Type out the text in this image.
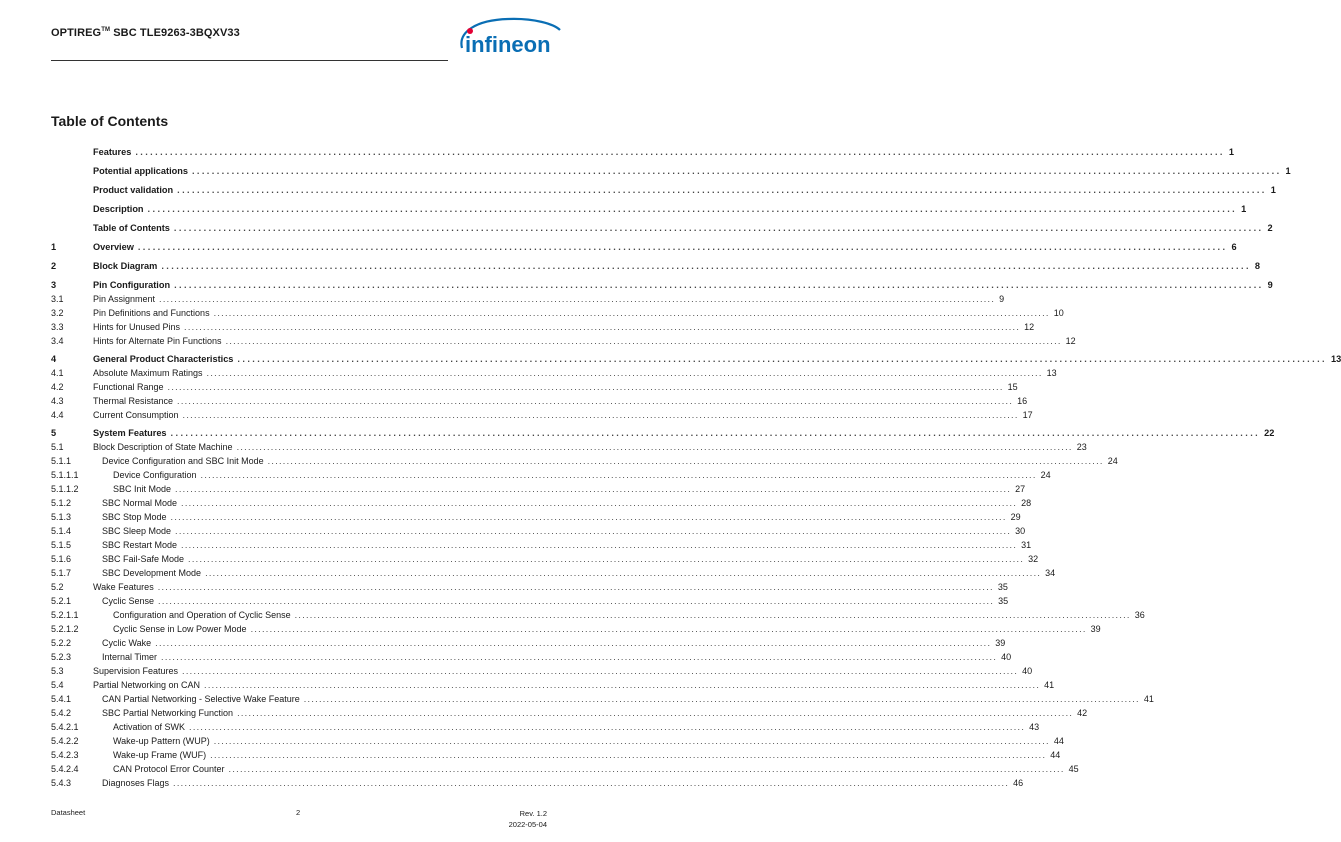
OPTIREG™ SBC TLE9263-3BQXV33	infineon
Table of Contents
Features ............................................................................................................................................................................................................................ 1
Potential applications ............................................................................................................................................................................................................................ 1
Product validation ............................................................................................................................................................................................................................ 1
Description ............................................................................................................................................................................................................................ 1
Table of Contents ............................................................................................................................................................................................................................ 2
1	Overview ............................................................................................................................................................................................................................ 6
2	Block Diagram ............................................................................................................................................................................................................................ 8
3	Pin Configuration ............................................................................................................................................................................................................................ 9
3.1	Pin Assignment ............................................................................................................................................................................................................................ 9
3.2	Pin Definitions and Functions ............................................................................................................................................................................................................................ 10
3.3	Hints for Unused Pins ............................................................................................................................................................................................................................ 12
3.4	Hints for Alternate Pin Functions ............................................................................................................................................................................................................................ 12
4	General Product Characteristics ............................................................................................................................................................................................................................ 13
4.1	Absolute Maximum Ratings ............................................................................................................................................................................................................................ 13
4.2	Functional Range ............................................................................................................................................................................................................................ 15
4.3	Thermal Resistance ............................................................................................................................................................................................................................ 16
4.4	Current Consumption ............................................................................................................................................................................................................................ 17
5	System Features ............................................................................................................................................................................................................................ 22
5.1	Block Description of State Machine ............................................................................................................................................................................................................................ 23
5.1.1	Device Configuration and SBC Init Mode ............................................................................................................................................................................................................................ 24
5.1.1.1	Device Configuration ............................................................................................................................................................................................................................ 24
5.1.1.2	SBC Init Mode ............................................................................................................................................................................................................................ 27
5.1.2	SBC Normal Mode ............................................................................................................................................................................................................................ 28
5.1.3	SBC Stop Mode ............................................................................................................................................................................................................................ 29
5.1.4	SBC Sleep Mode ............................................................................................................................................................................................................................ 30
5.1.5	SBC Restart Mode ............................................................................................................................................................................................................................ 31
5.1.6	SBC Fail-Safe Mode ............................................................................................................................................................................................................................ 32
5.1.7	SBC Development Mode ............................................................................................................................................................................................................................ 34
5.2	Wake Features ............................................................................................................................................................................................................................ 35
5.2.1	Cyclic Sense ............................................................................................................................................................................................................................ 35
5.2.1.1	Configuration and Operation of Cyclic Sense ............................................................................................................................................................................................................................ 36
5.2.1.2	Cyclic Sense in Low Power Mode ............................................................................................................................................................................................................................ 39
5.2.2	Cyclic Wake ............................................................................................................................................................................................................................ 39
5.2.3	Internal Timer ............................................................................................................................................................................................................................ 40
5.3	Supervision Features ............................................................................................................................................................................................................................ 40
5.4	Partial Networking on CAN ............................................................................................................................................................................................................................ 41
5.4.1	CAN Partial Networking - Selective Wake Feature ............................................................................................................................................................................................................................ 41
5.4.2	SBC Partial Networking Function ............................................................................................................................................................................................................................ 42
5.4.2.1	Activation of SWK ............................................................................................................................................................................................................................ 43
5.4.2.2	Wake-up Pattern (WUP) ............................................................................................................................................................................................................................ 44
5.4.2.3	Wake-up Frame (WUF) ............................................................................................................................................................................................................................ 44
5.4.2.4	CAN Protocol Error Counter ............................................................................................................................................................................................................................ 45
5.4.3	Diagnoses Flags ............................................................................................................................................................................................................................ 46
Datasheet	2	Rev. 1.2
2022-05-04
